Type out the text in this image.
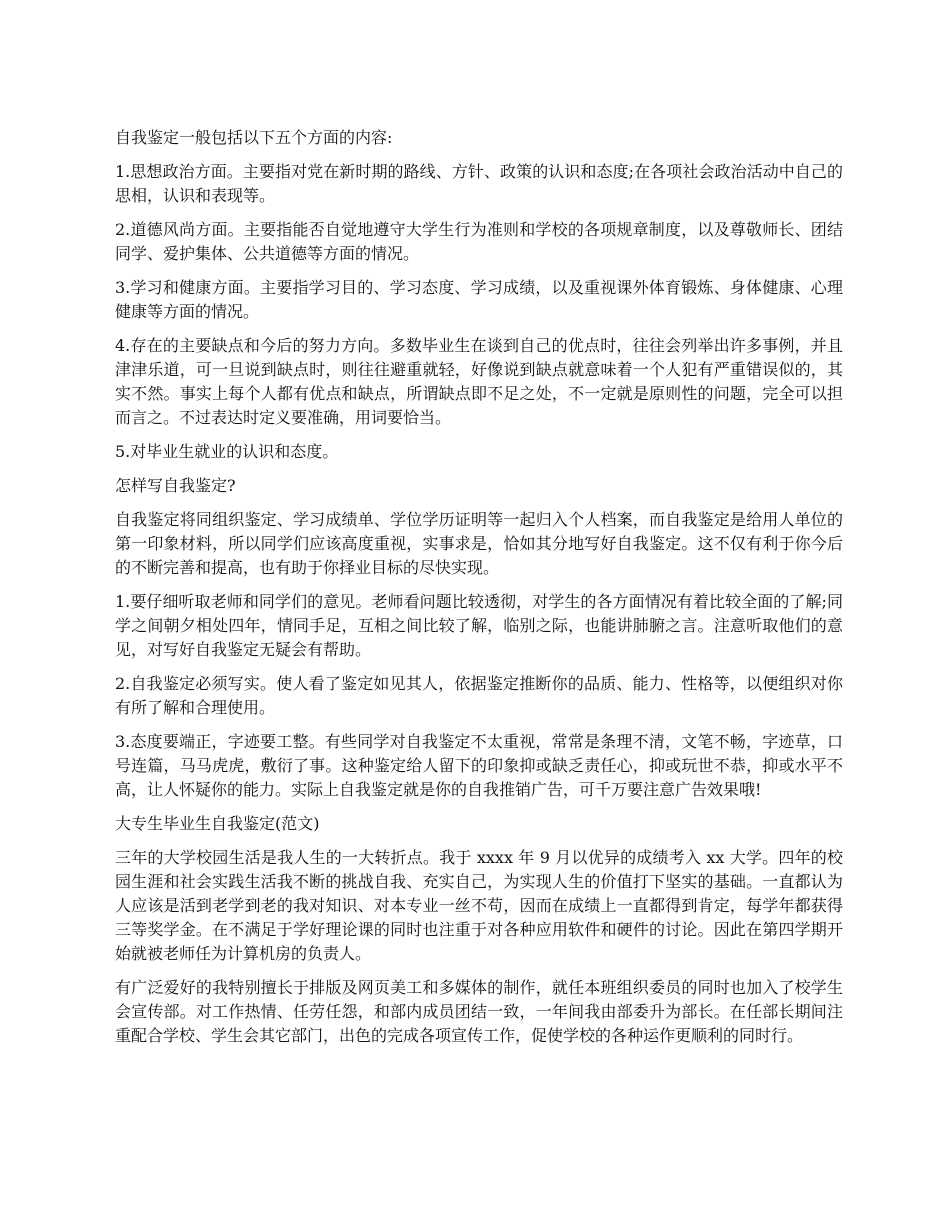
自我鉴定一般包括以下五个方面的内容:

1.思想政治方面。主要指对党在新时期的路线、方针、政策的认识和态度;在各项社会政治活动中自己的思相，认识和表现等。

2.道德风尚方面。主要指能否自觉地遵守大学生行为准则和学校的各项规章制度，以及尊敬师长、团结同学、爱护集体、公共道德等方面的情况。

3.学习和健康方面。主要指学习目的、学习态度、学习成绩，以及重视课外体育锻炼、身体健康、心理健康等方面的情况。

4.存在的主要缺点和今后的努力方向。多数毕业生在谈到自己的优点时，往往会列举出许多事例，并且津津乐道，可一旦说到缺点时，则往往避重就轻，好像说到缺点就意味着一个人犯有严重错误似的，其实不然。事实上每个人都有优点和缺点，所谓缺点即不足之处，不一定就是原则性的问题，完全可以担而言之。不过表达时定义要准确，用词要恰当。

5.对毕业生就业的认识和态度。

怎样写自我鉴定?

自我鉴定将同组织鉴定、学习成绩单、学位学历证明等一起归入个人档案，而自我鉴定是给用人单位的第一印象材料，所以同学们应该高度重视，实事求是，恰如其分地写好自我鉴定。这不仅有利于你今后的不断完善和提高，也有助于你择业目标的尽快实现。

1.要仔细听取老师和同学们的意见。老师看问题比较透彻，对学生的各方面情况有着比较全面的了解;同学之间朝夕相处四年，情同手足，互相之间比较了解，临别之际，也能讲肺腑之言。注意听取他们的意见，对写好自我鉴定无疑会有帮助。

2.自我鉴定必须写实。使人看了鉴定如见其人，依据鉴定推断你的品质、能力、性格等，以便组织对你有所了解和合理使用。

3.态度要端正，字迹要工整。有些同学对自我鉴定不太重视，常常是条理不清，文笔不畅，字迹草，口号连篇，马马虎虎，敷衍了事。这种鉴定给人留下的印象抑或缺乏责任心，抑或玩世不恭，抑或水平不高，让人怀疑你的能力。实际上自我鉴定就是你的自我推销广告，可千万要注意广告效果哦!

大专生毕业生自我鉴定(范文)

三年的大学校园生活是我人生的一大转折点。我于 xxxx 年 9 月以优异的成绩考入 xx 大学。四年的校园生涯和社会实践生活我不断的挑战自我、充实自己，为实现人生的价值打下坚实的基础。一直都认为人应该是活到老学到老的我对知识、对本专业一丝不苟，因而在成绩上一直都得到肯定，每学年都获得三等奖学金。在不满足于学好理论课的同时也注重于对各种应用软件和硬件的讨论。因此在第四学期开始就被老师任为计算机房的负责人。

有广泛爱好的我特别擅长于排版及网页美工和多媒体的制作，就任本班组织委员的同时也加入了校学生会宣传部。对工作热情、任劳任怨，和部内成员团结一致，一年间我由部委升为部长。在任部长期间注重配合学校、学生会其它部门，出色的完成各项宣传工作，促使学校的各种运作更顺利的同时行。
